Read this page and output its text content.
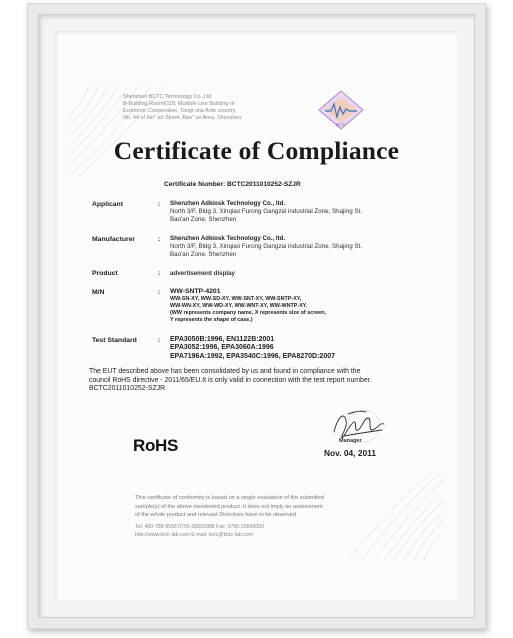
Shenzhen BCTC Technology Co.,Ltd.
B-Building Room6118, Multiple Use Building of
Economic Cooperative, Tangt una Ante country,
No. 44 of Xin" an Street, Bao" an Area, Shenzhen
BCTC
Certificate of Compliance
Certificate Number: BCTC2011010252-SZJR
Applicant	: Shenzhen Adkiosk Technology Co., ltd.
North 3/F, Bldg 3, Xinqiao Furong Gangzai industrial Zone, Shajing St.
Bao'an Zone, Shenzhen
Manufacturer	: Shenzhen Adkiosk Technology Co., ltd.
North 3/F, Bldg 3, Xinqiao Furong Gangzai industrial Zone, Shajing St.
Bao'an Zone, Shenzhen
Product	: advertisement display
M/N	: WW-SNTP-4201
WW-SN-XY, WW-SD-XY, WW-SNT-XY, WW-SNTP-XY,
WW-WN-XY, WW-WD-XY, WW-WNT-XY, WW-WNTP-XY.
(WW represents company name, X represents size of screen,
Y represents the shape of case.)
Test Standard	: EPA3050B:1996, EN1122B:2001
EPA3052:1996, EPA3060A:1996
EPA7196A:1992, EPA3540C:1996, EPA8270D:2007
The EUT described above has been consolidated by us and found in compliance with the
council RoHS directive - 2011/65/EU.It is only valid in connection with the test report number.
BCTC2011010252-SZJR
RoHS	Manager
Nov. 04, 2011
This certificate of conformity is based on a single evaluation of the submitted
sample(s) of the above mentioned product. It does not imply an assessment
of the whole product and relevant Directives have to be observed.
Tel: 400-788-9558 0755-33665088 Fax: 0755-33606059
http://www.bctc-lab.com E-mail: bctc@bctc-lab.com
